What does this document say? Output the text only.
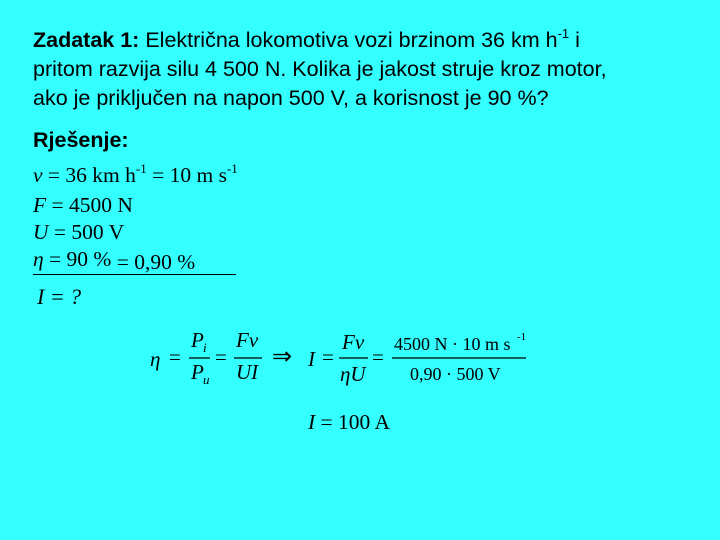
Zadatak 1: Električna lokomotiva vozi brzinom 36 km $h^{-1}$ i
pritom razvija silu 4 500 N. Kolika je jakost struje kroz motor,
ako je priključen na napon 500 V, a korisnost je 90 %?
Rješenje:
v = 36 km $h^{-1} = 10$ m $s^{-1}$
F = 4500 N
U = 500 V
η = 90 % = 0,90 %
I = ?
η =
P i
P u
=
Fv
UI
⇒ I =
Fv
ηU
=
4500 N · 10 m s -1
0,90 · 500 V
I = 100 A
